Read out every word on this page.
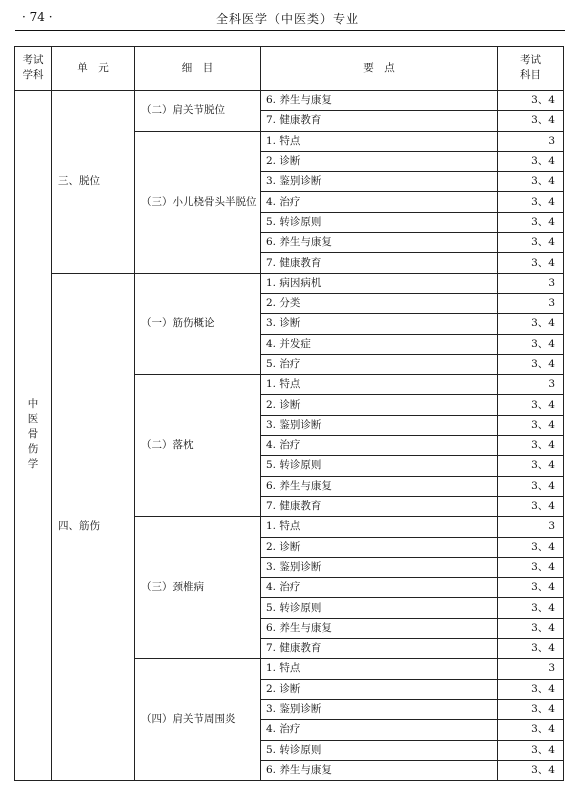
· 74 ·	全科医学（中医类）专业
考试学科	单　元	细　目	要　点	考试科目
中医骨伤学	三、脱位	（二）肩关节脱位	6. 养生与康复	3、4
			7. 健康教育	3、4
		（三）小儿桡骨头半脱位	1. 特点	3
			2. 诊断	3、4
			3. 鉴别诊断	3、4
			4. 治疗	3、4
			5. 转诊原则	3、4
			6. 养生与康复	3、4
			7. 健康教育	3、4
	四、筋伤	（一）筋伤概论	1. 病因病机	3
			2. 分类	3
			3. 诊断	3、4
			4. 并发症	3、4
			5. 治疗	3、4
		（二）落枕	1. 特点	3
			2. 诊断	3、4
			3. 鉴别诊断	3、4
			4. 治疗	3、4
			5. 转诊原则	3、4
			6. 养生与康复	3、4
			7. 健康教育	3、4
		（三）颈椎病	1. 特点	3
			2. 诊断	3、4
			3. 鉴别诊断	3、4
			4. 治疗	3、4
			5. 转诊原则	3、4
			6. 养生与康复	3、4
			7. 健康教育	3、4
		（四）肩关节周围炎	1. 特点	3
			2. 诊断	3、4
			3. 鉴别诊断	3、4
			4. 治疗	3、4
			5. 转诊原则	3、4
			6. 养生与康复	3、4
